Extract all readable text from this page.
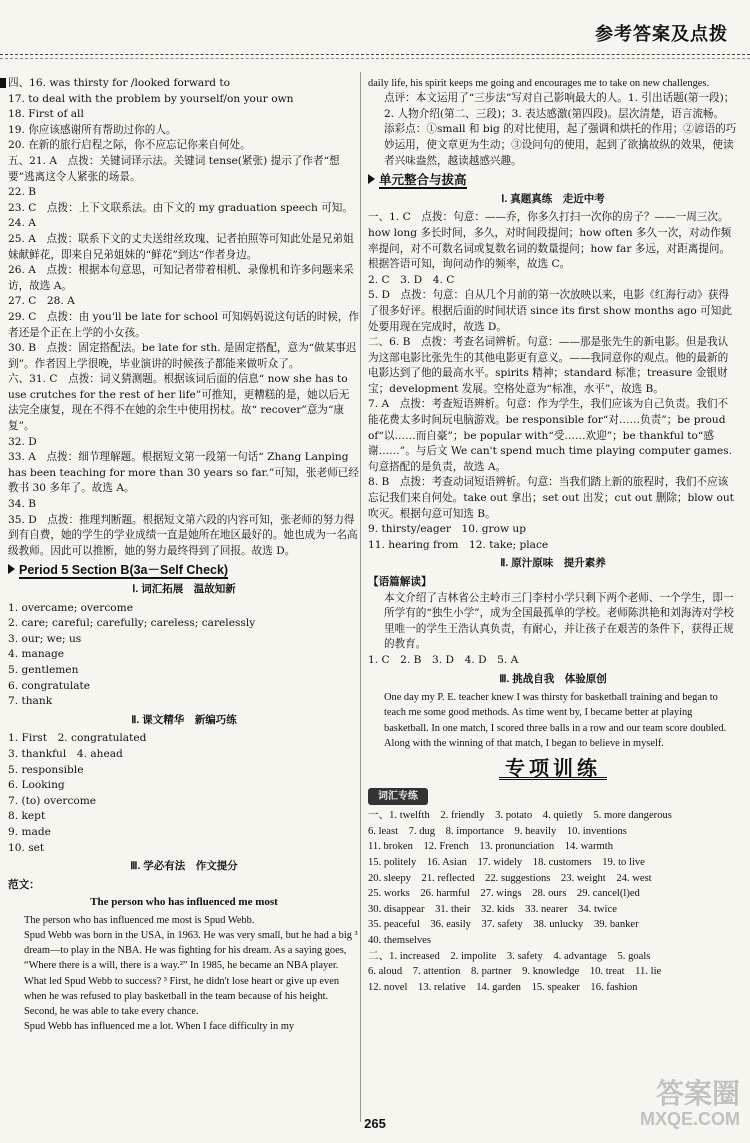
参考答案及点拨
四、16. was thirsty for /looked forward to
17. to deal with the problem by yourself/on your own
18. First of all
19. 你应该感谢所有帮助过你的人。
20. 在新的旅行启程之际，你不应忘记你来自何处。
五、21. A　点拨：关键词译示法。关键词 tense(紧张) 提示了作者“想要”逃离这令人紧张的场景。
22. B
23. C　点拨：上下文联系法。由下文的 my graduation speech 可知。
24. A
25. A　点拨：联系下文的丈夫送绀丝玫瑰、记者拍照等可知此处是兄弟姐妹献鲜花，即来自兄弟姐妹的“鲜花”到达“作者身边。
26. A　点拨：根据本句意思，可知记者带着相机、录像机和许多问题来采访，故选 A。
27. C　28. A
29. C　点拨：由 you'll be late for school 可知妈妈说这句话的时候，作者还是个正在上学的小女孩。
30. B　点拨：固定搭配法。be late for sth. 是固定搭配，意为“做某事迟到”。作者因上学很晚，毕业演讲的时候孩子都能来做听众了。
六、31. C　点拨：词义猜测题。根据该词后面的信息“ now she has to use crutches for the rest of her life”可推知，更糟糕的是，她以后无法完全康复，现在不得不在她的余生中使用拐杖。故“ recover”意为“康复”。
32. D
33. A　点拨：细节理解题。根据短文第一段第一句话“ Zhang Lanping has been teaching for more than 30 years so far.”可知，张老师已经教书 30 多年了。故选 A。
34. B
35. D　点拨：推理判断题。根据短文第六段的内容可知，张老师的努力得到有自费，她的学生的学业成绩一直是她所在地区最好的。她也成为一名高级教师。因此可以推断，她的努力最终得到了回报。故选 D。
Period 5 Section B(3a－Self Check)
Ⅰ. 词汇拓展　温故知新
1. overcame; overcome
2. care; careful; carefully; careless; carelessly
3. our; we; us
4. manage
5. gentlemen
6. congratulate
7. thank
Ⅱ. 课文精华　新编巧练
1. First　2. congratulated
3. thankful　4. ahead
5. responsible
6. Looking
7. (to) overcome
8. kept
9. made
10. set
Ⅲ. 学必有法　作文提分
范文：
The person who has influenced me most
The person who has influenced me most is Spud Webb.
Spud Webb was born in the USA, in 1963. He was very small, but he had a big ³ dream—to play in the NBA. He was fighting for his dream. As a saying goes, “Where there is a will, there is a way.²” In 1985, he became an NBA player.
What led Spud Webb to success? ³ First, he didn't lose heart or give up even when he was refused to play basketball in the team because of his height. Second, he was able to take every chance.
Spud Webb has influenced me a lot. When I face difficulty in my
daily life, his spirit keeps me going and encourages me to take on new challenges.
点评：本文运用了“三步法”写对自己影响最大的人。1. 引出话题(第一段)；2. 人物介绍(第二、三段)；3. 表达感激(第四段)。层次清楚，语言流畅。
添彩点：①small 和 big 的对比使用，起了强调和烘托的作用；②谚语的巧妙运用，使文章更为生动；③设问句的使用，起到了欲擒故纵的效果，使读者兴味盎然，越读越感兴趣。
单元整合与拔高
Ⅰ. 真题真练　走近中考
一、1. C　点拨：句意：——乔，你多久打扫一次你的房子？——一周三次。how long 多长时间，多久，对时间段提问；how often 多久一次，对动作频率提问，对不可数名词或复数名词的数量提问；how far 多远，对距离提问。根据答语可知，询问动作的频率，故选 C。
2. C　3. D　4. C
5. D　点拨：句意：自从几个月前的第一次放映以来，电影《红海行动》获得了很多好评。根据后面的时间状语 since its first show months ago 可知此处要用现在完成时，故选 D。
二、6. B　点拨：考查名词辨析。句意：——那是张先生的新电影。但是我认为这部电影比张先生的其他电影更有意义。——我同意你的观点。他的最新的电影达到了他的最高水平。spirits 精神；standard 标准；treasure 金银财宝；development 发展。空格处意为“标准，水平”，故选 B。
7. A　点拨：考查短语辨析。句意：作为学生，我们应该为自己负责。我们不能花费太多时间玩电脑游戏。be responsible for“对……负责”；be proud of“以……而自豪”；be popular with“受……欢迎”；be thankful to“感谢……”。与后文 We can't spend much time playing computer games. 句意搭配的是负责，故选 A。
8. B　点拨：考查动词短语辨析。句意：当我们踏上新的旅程时，我们不应该忘记我们来自何处。take out 拿出；set out 出发；cut out 删除；blow out 吹灭。根据句意可知选 B。
9. thirsty/eager　10. grow up
11. hearing from　12. take; place
Ⅱ. 原汁原味　提升素养
【语篇解读】
本文介绍了吉林省公主岭市三门李村小学只剩下两个老师、一个学生，即一所学有的“独生小学”，成为全国最孤单的学校。老师陈洪艳和刘海涛对学校里唯一的学生王浩认真负责，有耐心，并让孩子在艰苦的条件下，获得正规的教育。
1. C　2. B　3. D　4. D　5. A
Ⅲ. 挑战自我　体验原创
One day my P. E. teacher knew I was thirsty for basketball training and began to teach me some good methods. As time went by, I became better at playing basketball. In one match, I scored three balls in a row and our team score doubled. Along with the winning of that match, I began to believe in myself.
专项训练
词汇专练
一、1. twelfth　2. friendly　3. potato　4. quietly　5. more dangerous
6. least　7. dug　8. importance　9. heavily　10. inventions
11. broken　12. French　13. pronunciation　14. warmth
15. politely　16. Asian　17. widely　18. customers　19. to live
20. sleepy　21. reflected　22. suggestions　23. weight　24. west
25. works　26. harmful　27. wings　28. ours　29. cancel(l)ed
30. disappear　31. their　32. kids　33. nearer　34. twice
35. peaceful　36. easily　37. safety　38. unlucky　39. banker
40. themselves
二、1. increased　2. impolite　3. safety　4. advantage　5. goals
6. aloud　7. attention　8. partner　9. knowledge　10. treat　11. lie
12. novel　13. relative　14. garden　15. speaker　16. fashion
265
答案圈
MXQE.COM
